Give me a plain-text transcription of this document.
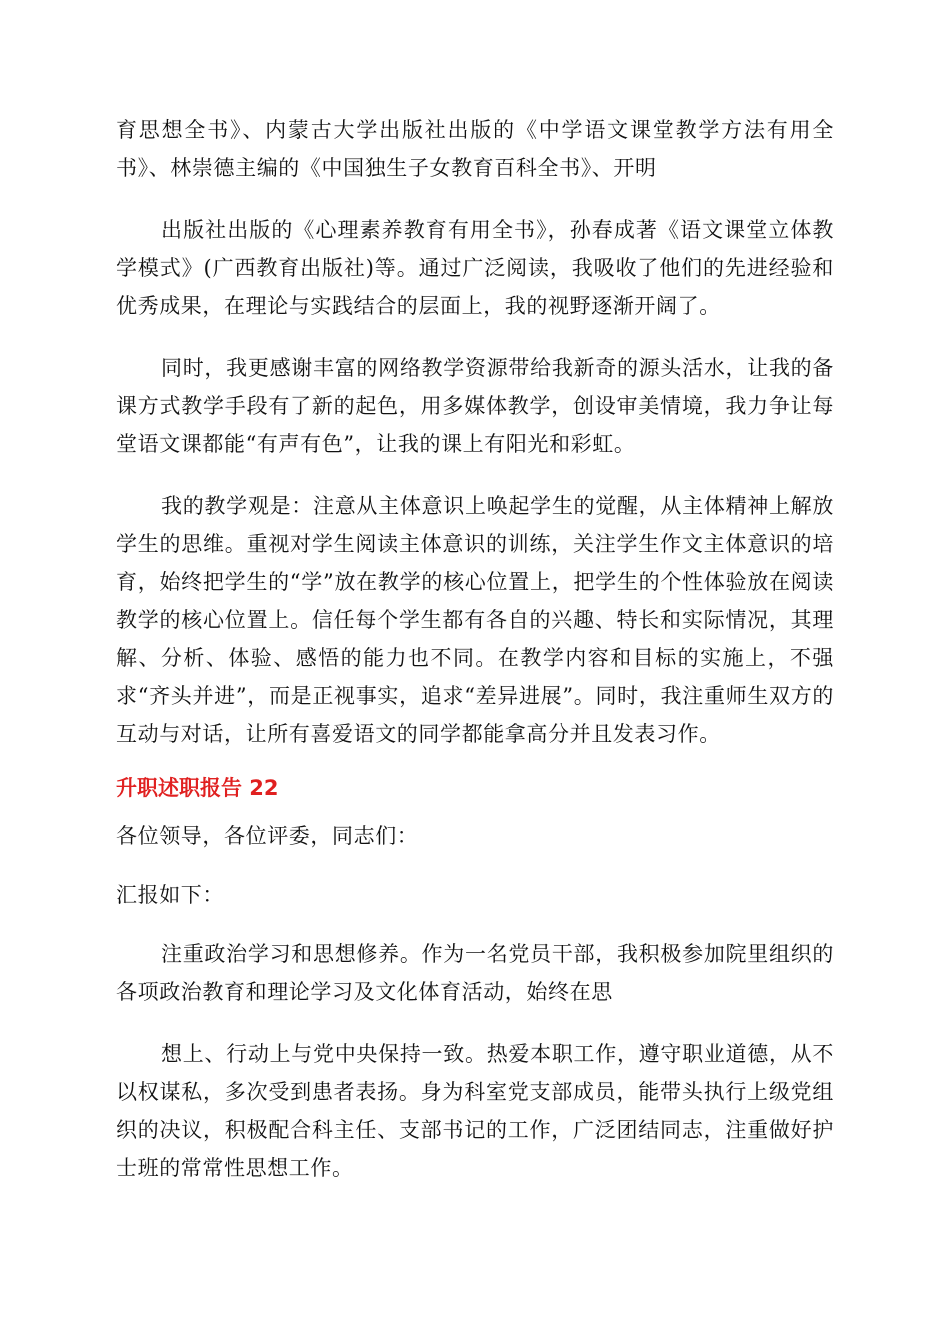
育思想全书》、内蒙古大学出版社出版的《中学语文课堂教学方法有用全书》、林崇德主编的《中国独生子女教育百科全书》、开明

出版社出版的《心理素养教育有用全书》，孙春成著《语文课堂立体教学模式》(广西教育出版社)等。通过广泛阅读，我吸收了他们的先进经验和优秀成果，在理论与实践结合的层面上，我的视野逐渐开阔了。

同时，我更感谢丰富的网络教学资源带给我新奇的源头活水，让我的备课方式教学手段有了新的起色，用多媒体教学，创设审美情境，我力争让每堂语文课都能“有声有色”，让我的课上有阳光和彩虹。

我的教学观是：注意从主体意识上唤起学生的觉醒，从主体精神上解放学生的思维。重视对学生阅读主体意识的训练，关注学生作文主体意识的培育，始终把学生的“学”放在教学的核心位置上，把学生的个性体验放在阅读教学的核心位置上。信任每个学生都有各自的兴趣、特长和实际情况，其理解、分析、体验、感悟的能力也不同。在教学内容和目标的实施上，不强求“齐头并进”，而是正视事实，追求“差异进展”。同时，我注重师生双方的互动与对话，让所有喜爱语文的同学都能拿高分并且发表习作。

升职述职报告 22

各位领导，各位评委，同志们：

汇报如下：

注重政治学习和思想修养。作为一名党员干部，我积极参加院里组织的各项政治教育和理论学习及文化体育活动，始终在思

想上、行动上与党中央保持一致。热爱本职工作，遵守职业道德，从不以权谋私，多次受到患者表扬。身为科室党支部成员，能带头执行上级党组织的决议，积极配合科主任、支部书记的工作，广泛团结同志，注重做好护士班的常常性思想工作。
